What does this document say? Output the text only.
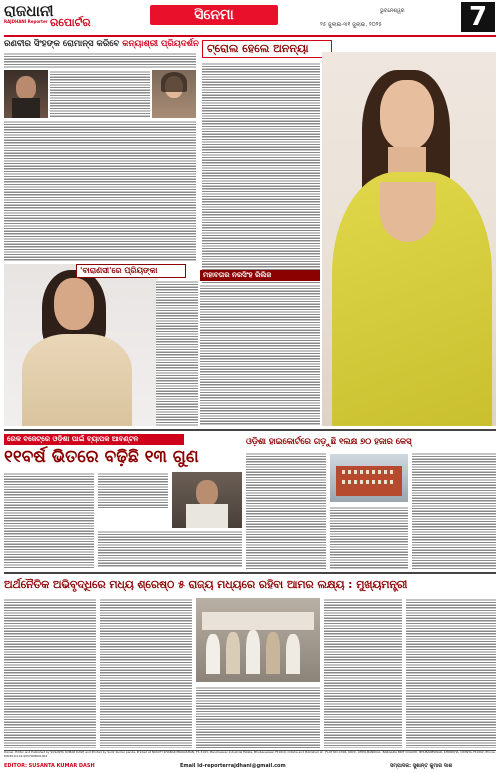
ରାଜଧାନୀ
RAJDHANI Reporter ରପୋର୍ଟର	ସିନେମା	ଭୁବନେଶ୍ୱର
୨୫ ଜୁଲାଇ-୩୧ ଜୁଲାଇ, ୨୦୨୫	7
ରଣବୀର ସିଂହଙ୍କ ରୋମାନ୍ସ କରିବେ କନ୍ୟାଶ୍ରୀ ପ୍ରିୟଦର୍ଶନ ଟ୍ରୋଲ ହେଲେ ଅନନ୍ୟା
'ବାରାଣସୀ'ରେ ପ୍ରିୟଙ୍କା	ମହାବତାର ନରସିଂହ ରିଲିଜ
ରେଳ ବଜେଟ୍‌ରେ ଓଡ଼ିଶା ପାଇଁ ବ୍ୟାପକ ଆବଣ୍ଟନ
୧୧ବର୍ଷ ଭିତରେ ବଢ଼ିଛି ୧୩ ଗୁଣ
ଓଡ଼ିଶା ହାଇକୋର୍ଟରେ ଗଡ଼ୁଛି ୧ଲକ୍ଷ ୭୦ ହଜାର କେସ୍
ଅର୍ଥନୈତିକ ଅଭିବୃଦ୍ଧିରେ ମଧ୍ୟ ଶ୍ରେଷ୍ଠ ୫ ରାଜ୍ୟ ମଧ୍ୟରେ ରହିବା ଆମର ଲକ୍ଷ୍ୟ : ମୁଖ୍ୟମନ୍ତ୍ରୀ
Owner, Editor and Published by SUSANTA KUMAR DASH and Printed by Sudir Kumar panda, Printed at NUKUTI KHABAR PRAKASHAN, TS 3193, Mancheswar Industrial Estate, Bhubaneswar-751010, Odisha and Published at : FLAT NO-C306, KRVC, ATIPO-BANKUAL, BARGADA BRIT COLONY, BHUBANESWAR, KHORDHA, ODISHA-751002, Phone-8403011119,9937008601003
EDITOR: SUSANTA KUMAR DASH	Email Id-reporterrajdhani@gmail.com	ସମ୍ପାଦକ: ସୁଶାନ୍ତ କୁମାର ଦାଶ
